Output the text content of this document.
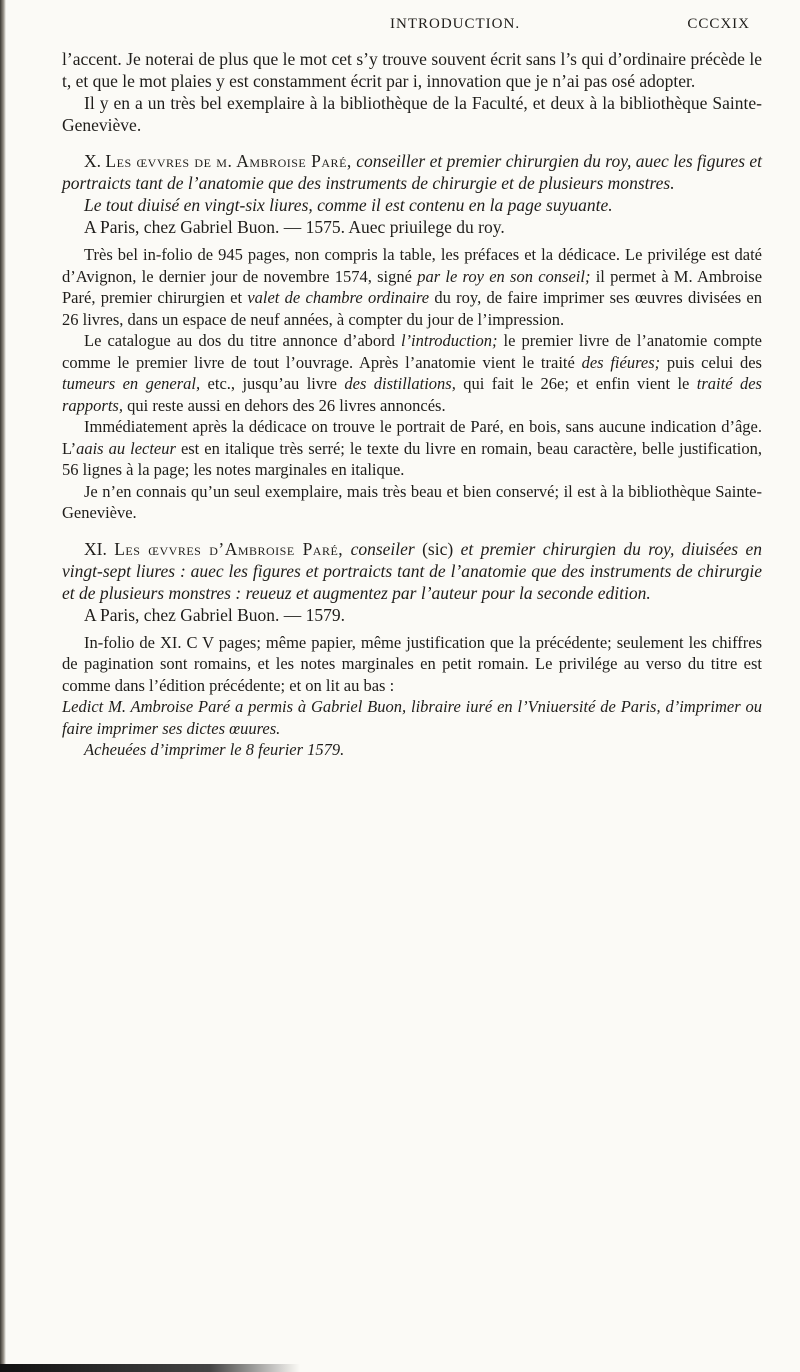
INTRODUCTION.	CCCXIX

l’accent. Je noterai de plus que le mot cet s’y trouve souvent écrit sans l’s qui d’ordinaire précède le t, et que le mot plaies y est constamment écrit par i, innovation que je n’ai pas osé adopter.

Il y en a un très bel exemplaire à la bibliothèque de la Faculté, et deux à la bibliothèque Sainte-Geneviève.

X. Les œvvres de m. Ambroise Paré, conseiller et premier chirurgien du roy, auec les figures et portraicts tant de l’anatomie que des instruments de chirurgie et de plusieurs monstres.

Le tout diuisé en vingt-six liures, comme il est contenu en la page suyuante.

A Paris, chez Gabriel Buon. — 1575. Auec priuilege du roy.

Très bel in-folio de 945 pages, non compris la table, les préfaces et la dédicace. Le privilége est daté d’Avignon, le dernier jour de novembre 1574, signé par le roy en son conseil; il permet à M. Ambroise Paré, premier chirurgien et valet de chambre ordinaire du roy, de faire imprimer ses œuvres divisées en 26 livres, dans un espace de neuf années, à compter du jour de l’impression.

Le catalogue au dos du titre annonce d’abord l’introduction; le premier livre de l’anatomie compte comme le premier livre de tout l’ouvrage. Après l’anatomie vient le traité des fiéures; puis celui des tumeurs en general, etc., jusqu’au livre des distillations, qui fait le 26e; et enfin vient le traité des rapports, qui reste aussi en dehors des 26 livres annoncés.

Immédiatement après la dédicace on trouve le portrait de Paré, en bois, sans aucune indication d’âge. L’aais au lecteur est en italique très serré; le texte du livre en romain, beau caractère, belle justification, 56 lignes à la page; les notes marginales en italique.

Je n’en connais qu’un seul exemplaire, mais très beau et bien conservé; il est à la bibliothèque Sainte-Geneviève.

XI. Les œvvres d’Ambroise Paré, conseiler (sic) et premier chirurgien du roy, diuisées en vingt-sept liures : auec les figures et portraicts tant de l’anatomie que des instruments de chirurgie et de plusieurs monstres : reueuz et augmentez par l’auteur pour la seconde edition.

A Paris, chez Gabriel Buon. — 1579.

In-folio de XI. C V pages; même papier, même justification que la précédente; seulement les chiffres de pagination sont romains, et les notes marginales en petit romain. Le privilége au verso du titre est comme dans l’édition précédente; et on lit au bas :

Ledict M. Ambroise Paré a permis à Gabriel Buon, libraire iuré en l’Vniuersité de Paris, d’imprimer ou faire imprimer ses dictes œuures.

Acheuées d’imprimer le 8 feurier 1579.
